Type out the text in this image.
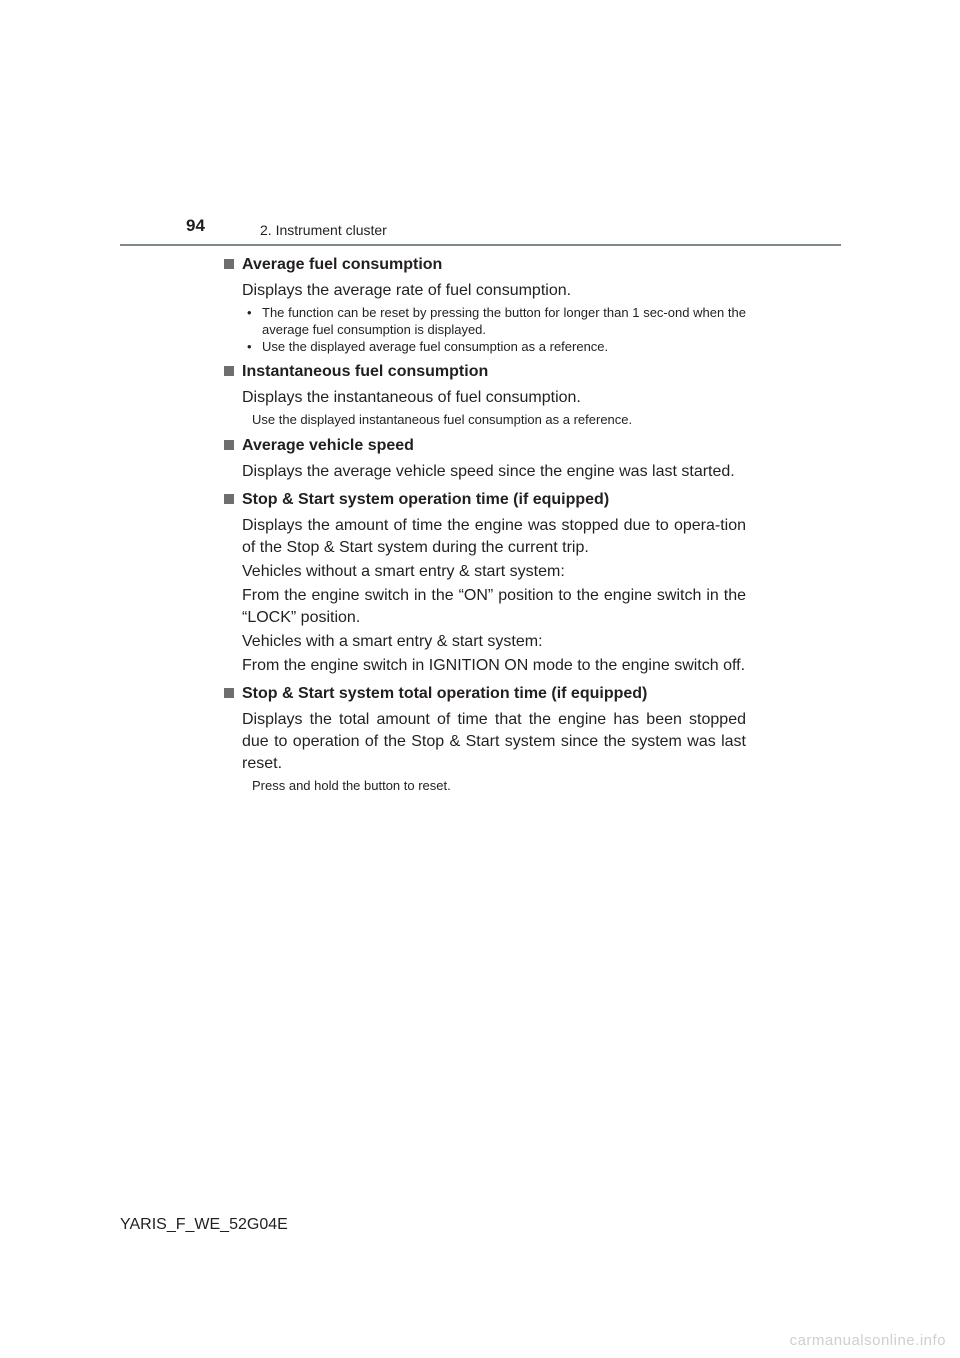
94	2. Instrument cluster

Average fuel consumption

Displays the average rate of fuel consumption.

• The function can be reset by pressing the button for longer than 1 sec-ond when the average fuel consumption is displayed.
• Use the displayed average fuel consumption as a reference.

Instantaneous fuel consumption

Displays the instantaneous of fuel consumption.

Use the displayed instantaneous fuel consumption as a reference.

Average vehicle speed

Displays the average vehicle speed since the engine was last started.

Stop & Start system operation time (if equipped)

Displays the amount of time the engine was stopped due to opera-tion of the Stop & Start system during the current trip.

Vehicles without a smart entry & start system:

From the engine switch in the “ON” position to the engine switch in the “LOCK” position.

Vehicles with a smart entry & start system:

From the engine switch in IGNITION ON mode to the engine switch off.

Stop & Start system total operation time (if equipped)

Displays the total amount of time that the engine has been stopped due to operation of the Stop & Start system since the system was last reset.

Press and hold the button to reset.

YARIS_F_WE_52G04E
carmanualsonline.info
